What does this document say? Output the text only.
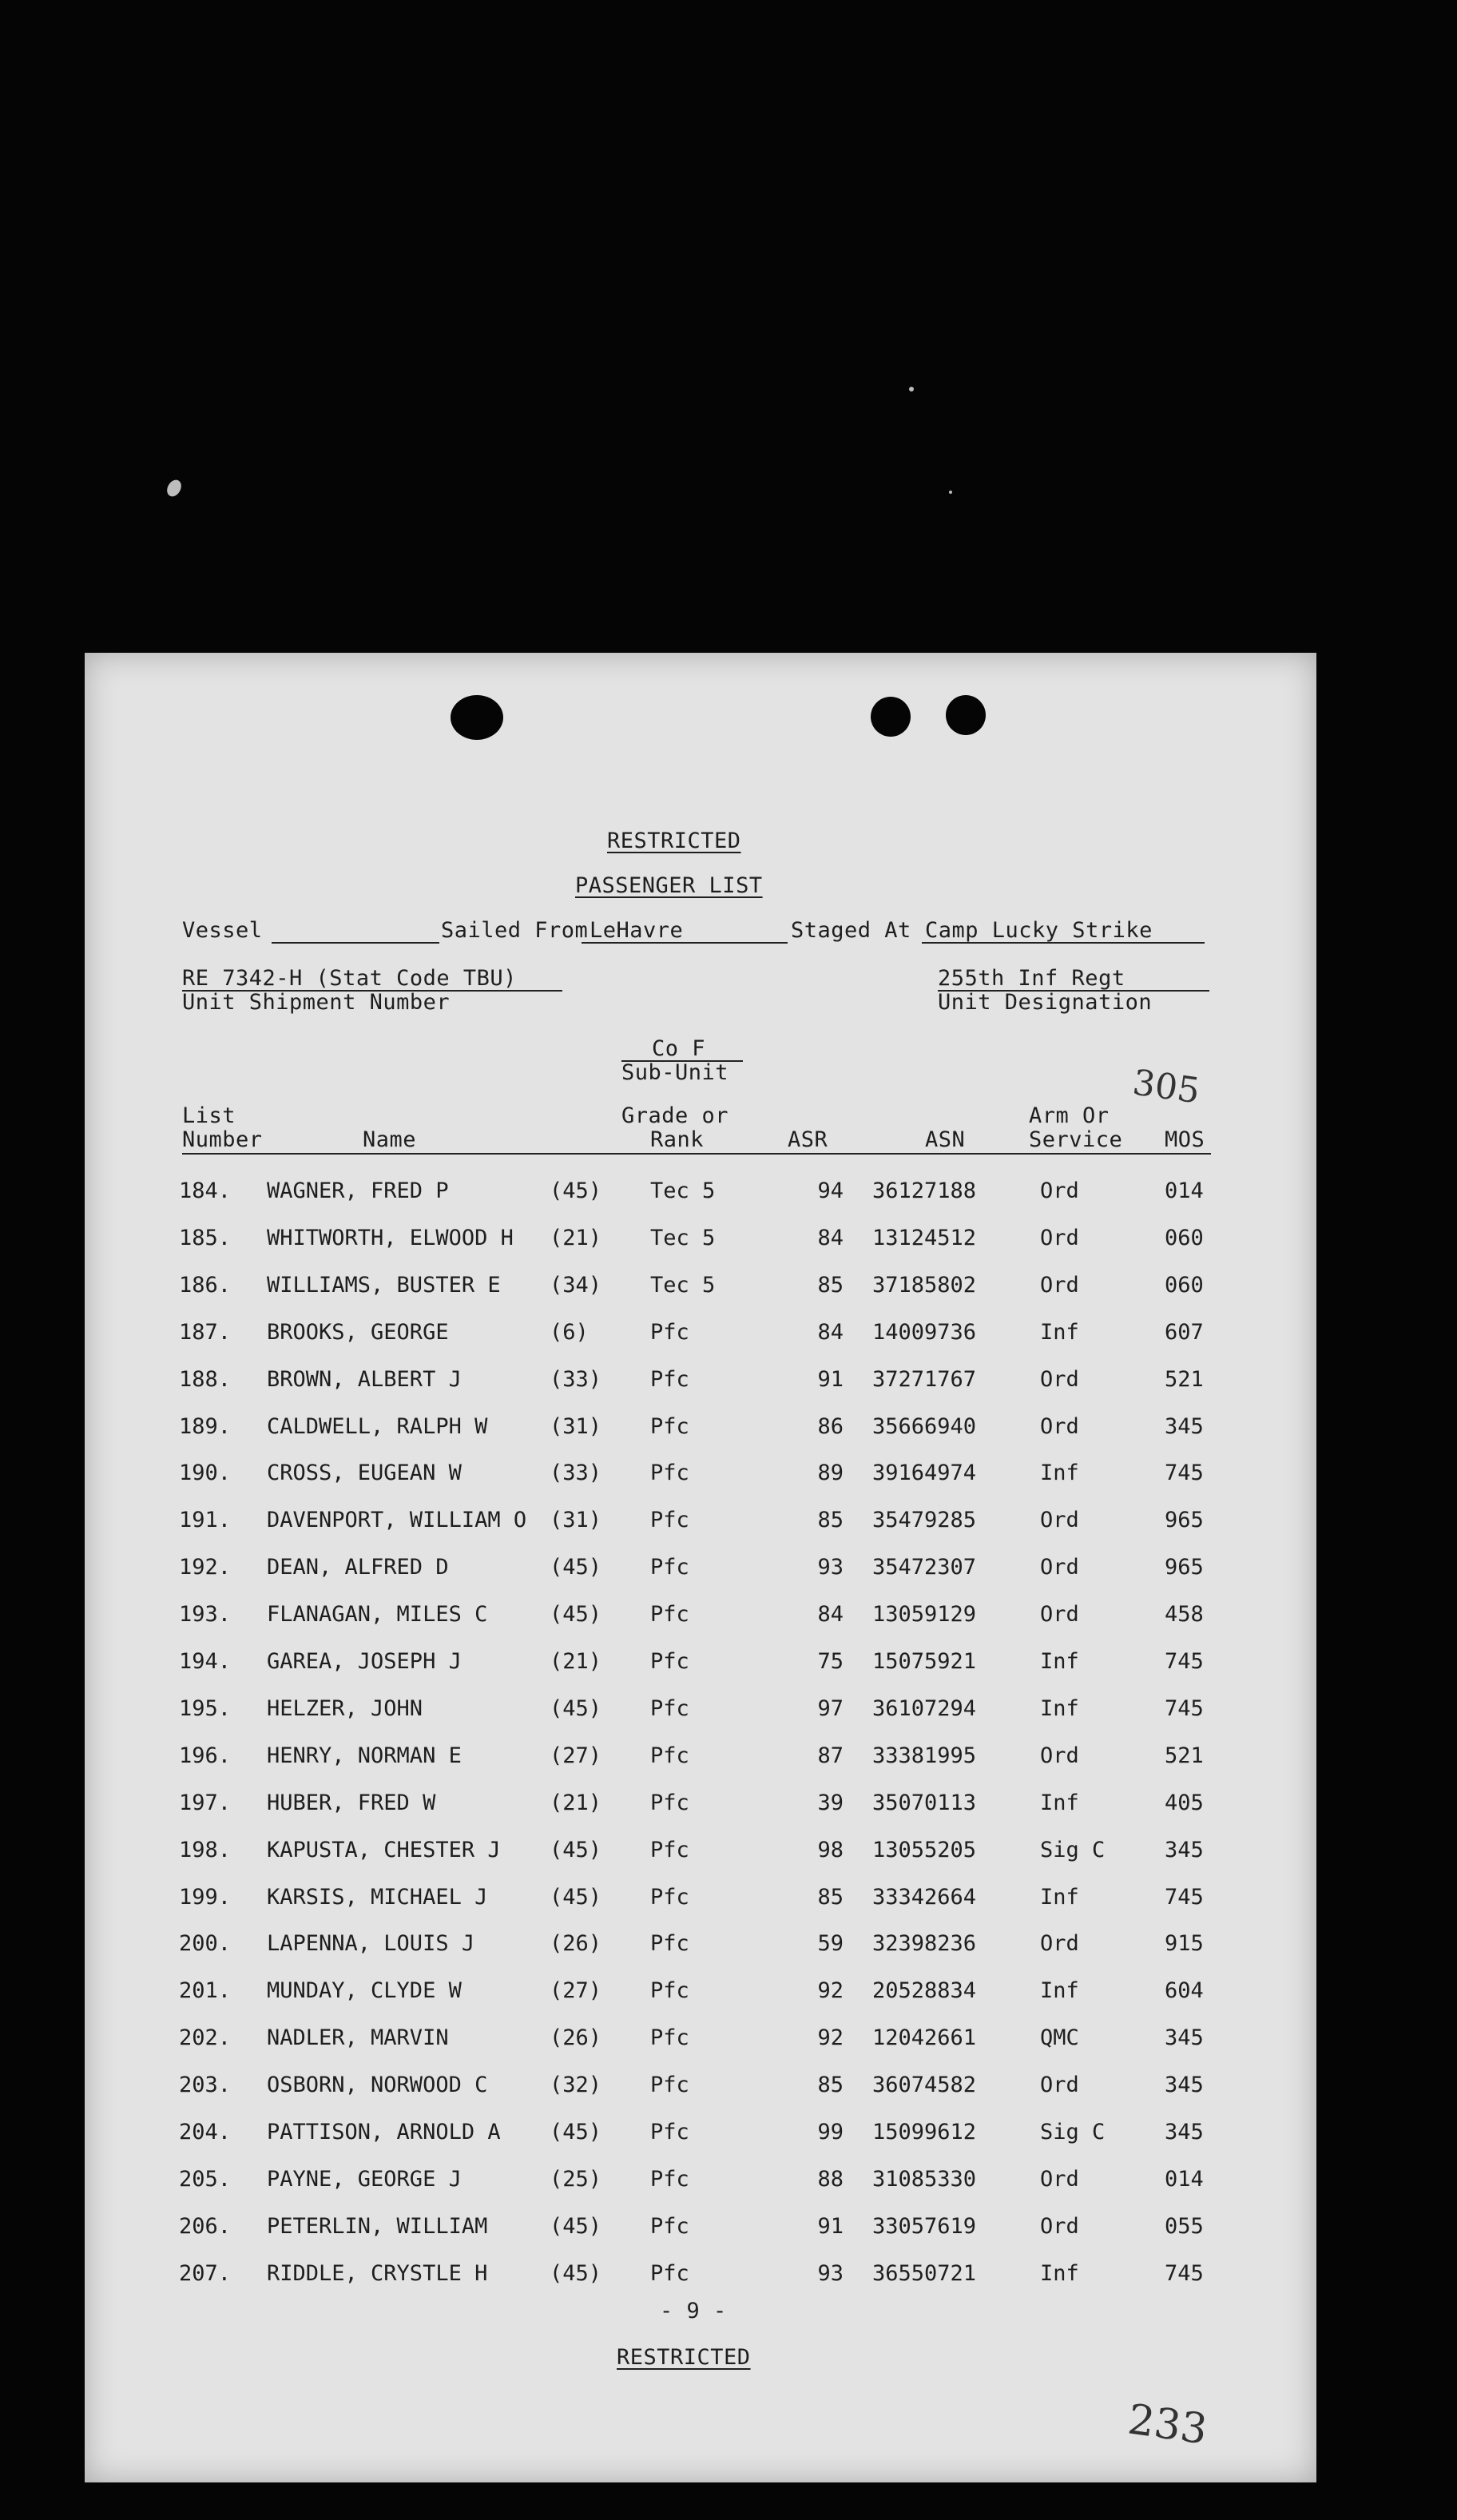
RESTRICTED
PASSENGER LIST
Vessel	Sailed From LeHavre	Staged At Camp Lucky Strike
RE 7342-H (Stat Code TBU)
Unit Shipment Number
255th Inf Regt
Unit Designation
Co F
Sub-Unit	305
List
Number	Name
Grade or
Rank	ASR	ASN
Arm Or
Service MOS
184. WAGNER, FRED P	(45) Tec 5	94 36127188	Ord	014
185. WHITWORTH, ELWOOD H (21) Tec 5	84 13124512	Ord	060
186. WILLIAMS, BUSTER E (34) Tec 5	85 37185802	Ord	060
187. BROOKS, GEORGE	(6)	Pfc	84 14009736	Inf	607
188. BROWN, ALBERT J	(33) Pfc	91 37271767	Ord	521
189. CALDWELL, RALPH W	(31) Pfc	86 35666940	Ord	345
190. CROSS, EUGEAN W	(33) Pfc	89 39164974	Inf	745
191. DAVENPORT, WILLIAM O (31) Pfc	85 35479285	Ord	965
192. DEAN, ALFRED D	(45) Pfc	93 35472307	Ord	965
193. FLANAGAN, MILES C	(45) Pfc	84 13059129	Ord	458
194. GAREA, JOSEPH J	(21) Pfc	75 15075921	Inf	745
195. HELZER, JOHN	(45) Pfc	97 36107294	Inf	745
196. HENRY, NORMAN E	(27) Pfc	87 33381995	Ord	521
197. HUBER, FRED W	(21) Pfc	39 35070113	Inf	405
198. KAPUSTA, CHESTER J (45) Pfc	98 13055205	Sig C	345
199. KARSIS, MICHAEL J	(45) Pfc	85 33342664	Inf	745
200. LAPENNA, LOUIS J	(26) Pfc	59 32398236	Ord	915
201. MUNDAY, CLYDE W	(27) Pfc	92 20528834	Inf	604
202. NADLER, MARVIN	(26) Pfc	92 12042661	QMC	345
203. OSBORN, NORWOOD C	(32) Pfc	85 36074582	Ord	345
204. PATTISON, ARNOLD A (45) Pfc	99 15099612	Sig C	345
205. PAYNE, GEORGE J	(25) Pfc	88 31085330	Ord	014
206. PETERLIN, WILLIAM	(45) Pfc	91 33057619	Ord	055
207. RIDDLE, CRYSTLE H	(45) Pfc	93 36550721	Inf	745
- 9 -
RESTRICTED
233
